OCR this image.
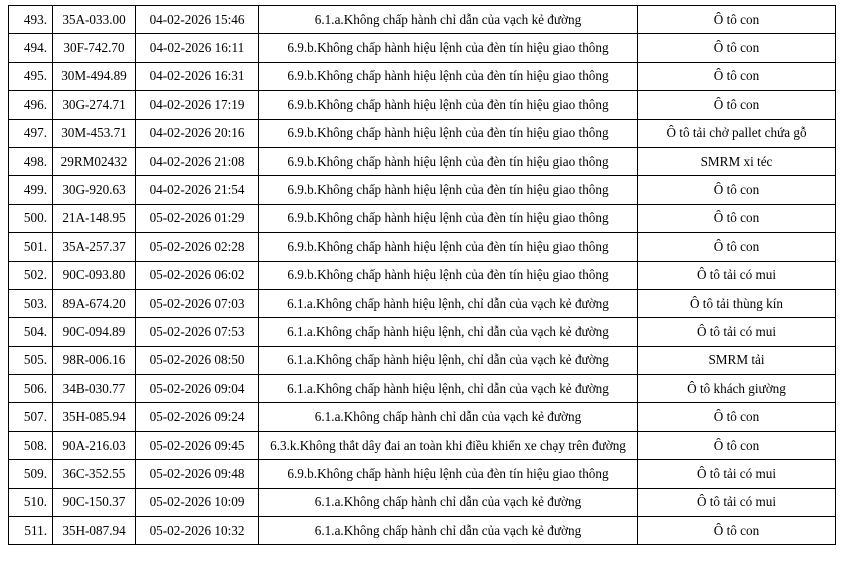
493.	35A-033.00	04-02-2026 15:46	6.1.a.Không chấp hành chỉ dẫn của vạch kẻ đường	Ô tô con
494.	30F-742.70	04-02-2026 16:11	6.9.b.Không chấp hành hiệu lệnh của đèn tín hiệu giao thông	Ô tô con
495.	30M-494.89	04-02-2026 16:31	6.9.b.Không chấp hành hiệu lệnh của đèn tín hiệu giao thông	Ô tô con
496.	30G-274.71	04-02-2026 17:19	6.9.b.Không chấp hành hiệu lệnh của đèn tín hiệu giao thông	Ô tô con
497.	30M-453.71	04-02-2026 20:16	6.9.b.Không chấp hành hiệu lệnh của đèn tín hiệu giao thông	Ô tô tải chở pallet chứa gỗ
498.	29RM02432	04-02-2026 21:08	6.9.b.Không chấp hành hiệu lệnh của đèn tín hiệu giao thông	SMRM xi téc
499.	30G-920.63	04-02-2026 21:54	6.9.b.Không chấp hành hiệu lệnh của đèn tín hiệu giao thông	Ô tô con
500.	21A-148.95	05-02-2026 01:29	6.9.b.Không chấp hành hiệu lệnh của đèn tín hiệu giao thông	Ô tô con
501.	35A-257.37	05-02-2026 02:28	6.9.b.Không chấp hành hiệu lệnh của đèn tín hiệu giao thông	Ô tô con
502.	90C-093.80	05-02-2026 06:02	6.9.b.Không chấp hành hiệu lệnh của đèn tín hiệu giao thông	Ô tô tải có mui
503.	89A-674.20	05-02-2026 07:03	6.1.a.Không chấp hành hiệu lệnh, chỉ dẫn của vạch kẻ đường	Ô tô tải thùng kín
504.	90C-094.89	05-02-2026 07:53	6.1.a.Không chấp hành hiệu lệnh, chỉ dẫn của vạch kẻ đường	Ô tô tải có mui
505.	98R-006.16	05-02-2026 08:50	6.1.a.Không chấp hành hiệu lệnh, chỉ dẫn của vạch kẻ đường	SMRM tải
506.	34B-030.77	05-02-2026 09:04	6.1.a.Không chấp hành hiệu lệnh, chỉ dẫn của vạch kẻ đường	Ô tô khách giường
507.	35H-085.94	05-02-2026 09:24	6.1.a.Không chấp hành chỉ dẫn của vạch kẻ đường	Ô tô con
508.	90A-216.03	05-02-2026 09:45	6.3.k.Không thắt dây đai an toàn khi điều khiển xe chạy trên đường	Ô tô con
509.	36C-352.55	05-02-2026 09:48	6.9.b.Không chấp hành hiệu lệnh của đèn tín hiệu giao thông	Ô tô tải có mui
510.	90C-150.37	05-02-2026 10:09	6.1.a.Không chấp hành chỉ dẫn của vạch kẻ đường	Ô tô tải có mui
511.	35H-087.94	05-02-2026 10:32	6.1.a.Không chấp hành chỉ dẫn của vạch kẻ đường	Ô tô con
